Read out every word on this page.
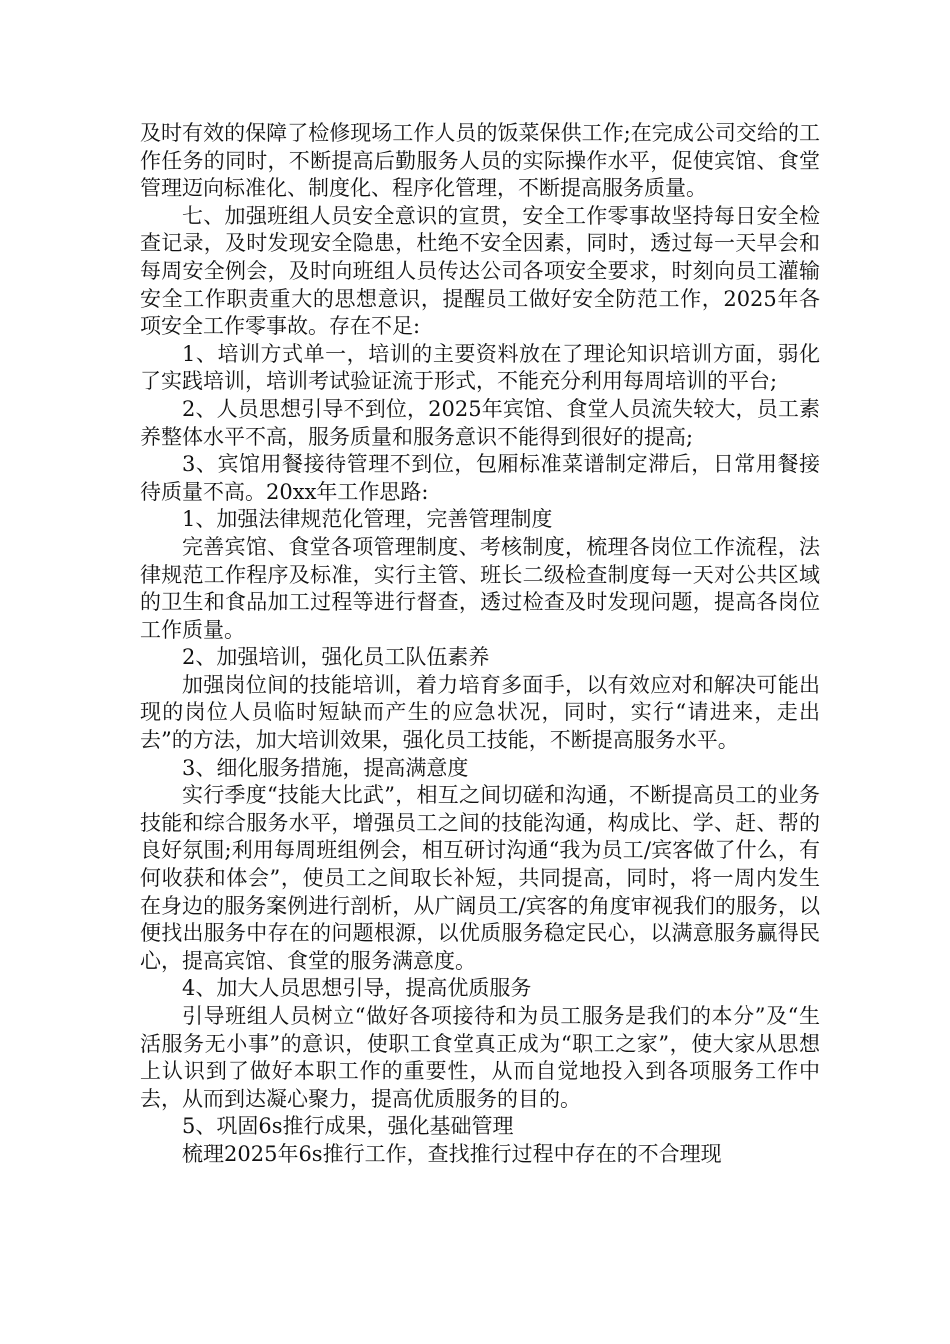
及时有效的保障了检修现场工作人员的饭菜保供工作;在完成公司交给的工作任务的同时，不断提高后勤服务人员的实际操作水平，促使宾馆、食堂管理迈向标准化、制度化、程序化管理，不断提高服务质量。

七、加强班组人员安全意识的宣贯，安全工作零事故坚持每日安全检查记录，及时发现安全隐患，杜绝不安全因素，同时，透过每一天早会和每周安全例会，及时向班组人员传达公司各项安全要求，时刻向员工灌输安全工作职责重大的思想意识，提醒员工做好安全防范工作，2025年各项安全工作零事故。存在不足:

1、培训方式单一，培训的主要资料放在了理论知识培训方面，弱化了实践培训，培训考试验证流于形式，不能充分利用每周培训的平台;

2、人员思想引导不到位，2025年宾馆、食堂人员流失较大，员工素养整体水平不高，服务质量和服务意识不能得到很好的提高;

3、宾馆用餐接待管理不到位，包厢标准菜谱制定滞后，日常用餐接待质量不高。20xx年工作思路:

1、加强法律规范化管理，完善管理制度

完善宾馆、食堂各项管理制度、考核制度，梳理各岗位工作流程，法律规范工作程序及标准，实行主管、班长二级检查制度每一天对公共区域的卫生和食品加工过程等进行督查，透过检查及时发现问题，提高各岗位工作质量。

2、加强培训，强化员工队伍素养

加强岗位间的技能培训，着力培育多面手，以有效应对和解决可能出现的岗位人员临时短缺而产生的应急状况，同时，实行“请进来，走出去”的方法，加大培训效果，强化员工技能，不断提高服务水平。

3、细化服务措施，提高满意度

实行季度“技能大比武”，相互之间切磋和沟通，不断提高员工的业务技能和综合服务水平，增强员工之间的技能沟通，构成比、学、赶、帮的良好氛围;利用每周班组例会，相互研讨沟通“我为员工/宾客做了什么，有何收获和体会”，使员工之间取长补短，共同提高，同时，将一周内发生在身边的服务案例进行剖析，从广阔员工/宾客的角度审视我们的服务，以便找出服务中存在的问题根源，以优质服务稳定民心，以满意服务赢得民心，提高宾馆、食堂的服务满意度。

4、加大人员思想引导，提高优质服务

引导班组人员树立“做好各项接待和为员工服务是我们的本分”及“生活服务无小事”的意识，使职工食堂真正成为“职工之家”，使大家从思想上认识到了做好本职工作的重要性，从而自觉地投入到各项服务工作中去，从而到达凝心聚力，提高优质服务的目的。

5、巩固6s推行成果，强化基础管理

梳理2025年6s推行工作，查找推行过程中存在的不合理现
